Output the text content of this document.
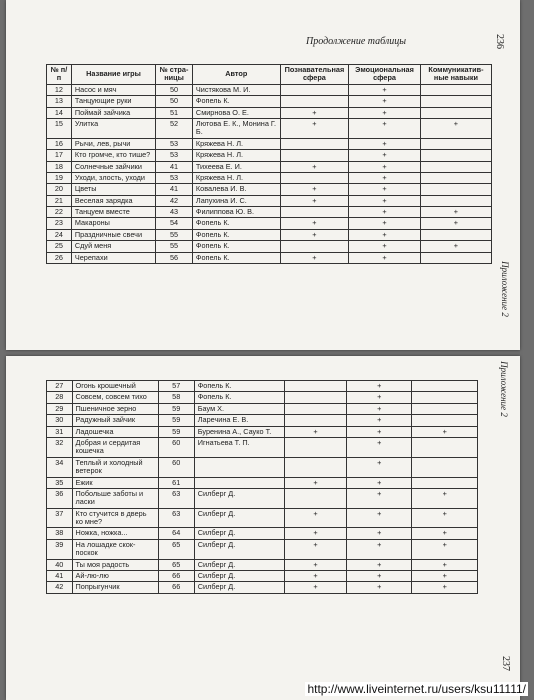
Продолжение таблицы	236
Приложение 2
№ п/п	Название игры	№ стра-ницы	Автор	Познавательная сфера	Эмоциональная сфера	Коммуникатив-ные навыки
12	Насос и мяч	50	Чистякова М. И.		+	
13	Танцующие руки	50	Фопель К.		+	
14	Поймай зайчика	51	Смирнова О. Е.	+	+	
15	Улитка	52	Лютова Е. К., Монина Г. Б.	+	+	+
16	Рычи, лев, рычи	53	Кряжева Н. Л.		+	
17	Кто громче, кто тише?	53	Кряжева Н. Л.		+	
18	Солнечные зайчики	41	Тихеева Е. И.	+	+	
19	Уходи, злость, уходи	53	Кряжева Н. Л.		+	
20	Цветы	41	Ковалева И. В.	+	+	
21	Веселая зарядка	42	Лапухина И. С.	+	+	
22	Танцуем вместе	43	Филиппова Ю. В.		+	+
23	Макароны	54	Фопель К.	+	+	+
24	Праздничные свечи	55	Фопель К.	+	+	
25	Сдуй меня	55	Фопель К.		+	+
26	Черепахи	56	Фопель К.	+	+	
Приложение 2
237
27	Огонь крошечный	57	Фопель К.		+	
28	Совсем, совсем тихо	58	Фопель К.		+	
29	Пшеничное зерно	59	Баум Х.		+	
30	Радужный зайчик	59	Ларечина Е. В.		+	
31	Ладошечка	59	Буренина А., Сауко Т.	+	+	+
32	Добрая и сердитая кошечка	60	Игнатьева Т. П.		+	
34	Теплый и холодный ветерок	60			+	
35	Ежик	61		+	+	
36	Побольше заботы и ласки	63	Силберг Д.		+	+
37	Кто стучится в дверь ко мне?	63	Силберг Д.	+	+	+
38	Ножка, ножка...	64	Силберг Д.	+	+	+
39	На лошадке скок-поскок	65	Силберг Д.	+	+	+
40	Ты моя радость	65	Силберг Д.	+	+	+
41	Ай-лю-лю	66	Силберг Д.	+	+	+
42	Попрыгунчик	66	Силберг Д.	+	+	+
http://www.liveinternet.ru/users/ksu11111/
